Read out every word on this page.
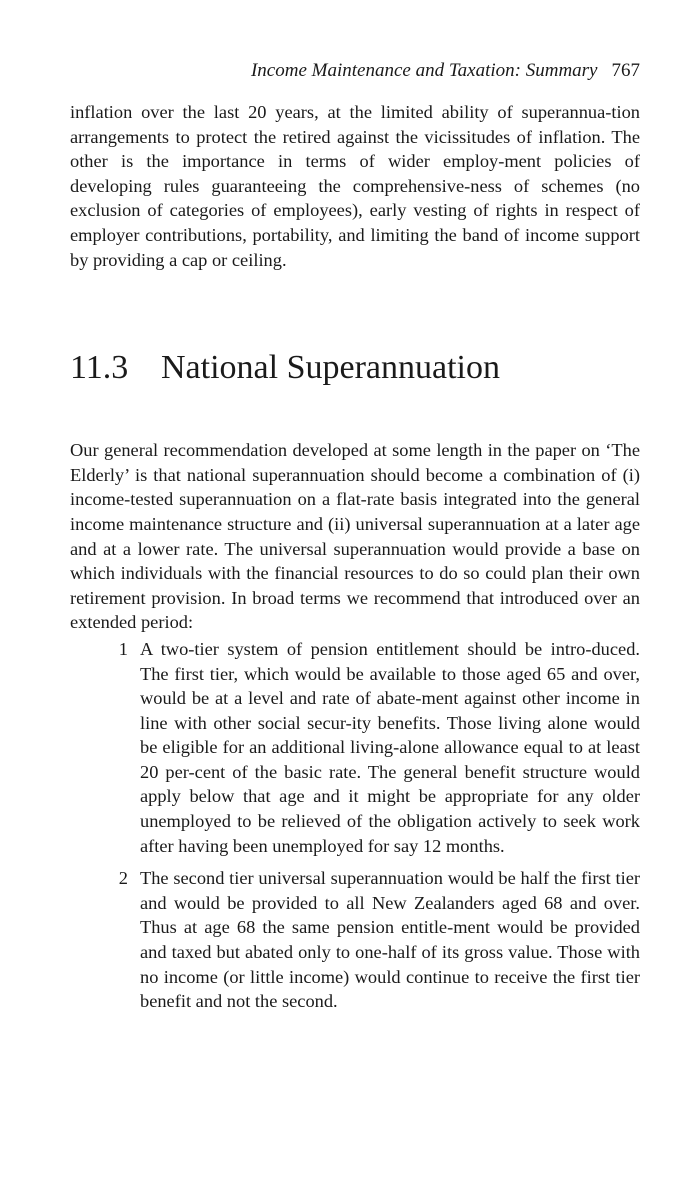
Income Maintenance and Taxation: Summary 767

inflation over the last 20 years, at the limited ability of superannua-tion arrangements to protect the retired against the vicissitudes of inflation. The other is the importance in terms of wider employ-ment policies of developing rules guaranteeing the comprehensive-ness of schemes (no exclusion of categories of employees), early vesting of rights in respect of employer contributions, portability, and limiting the band of income support by providing a cap or ceiling.

11.3 National Superannuation

Our general recommendation developed at some length in the paper on ‘The Elderly’ is that national superannuation should become a combination of (i) income-tested superannuation on a flat-rate basis integrated into the general income maintenance structure and (ii) universal superannuation at a later age and at a lower rate. The universal superannuation would provide a base on which individuals with the financial resources to do so could plan their own retirement provision. In broad terms we recommend that introduced over an extended period:

1 A two-tier system of pension entitlement should be intro-duced. The first tier, which would be available to those aged 65 and over, would be at a level and rate of abate-ment against other income in line with other social secur-ity benefits. Those living alone would be eligible for an additional living-alone allowance equal to at least 20 per-cent of the basic rate. The general benefit structure would apply below that age and it might be appropriate for any older unemployed to be relieved of the obligation actively to seek work after having been unemployed for say 12 months.

2 The second tier universal superannuation would be half the first tier and would be provided to all New Zealanders aged 68 and over. Thus at age 68 the same pension entitle-ment would be provided and taxed but abated only to one-half of its gross value. Those with no income (or little income) would continue to receive the first tier benefit and not the second.
